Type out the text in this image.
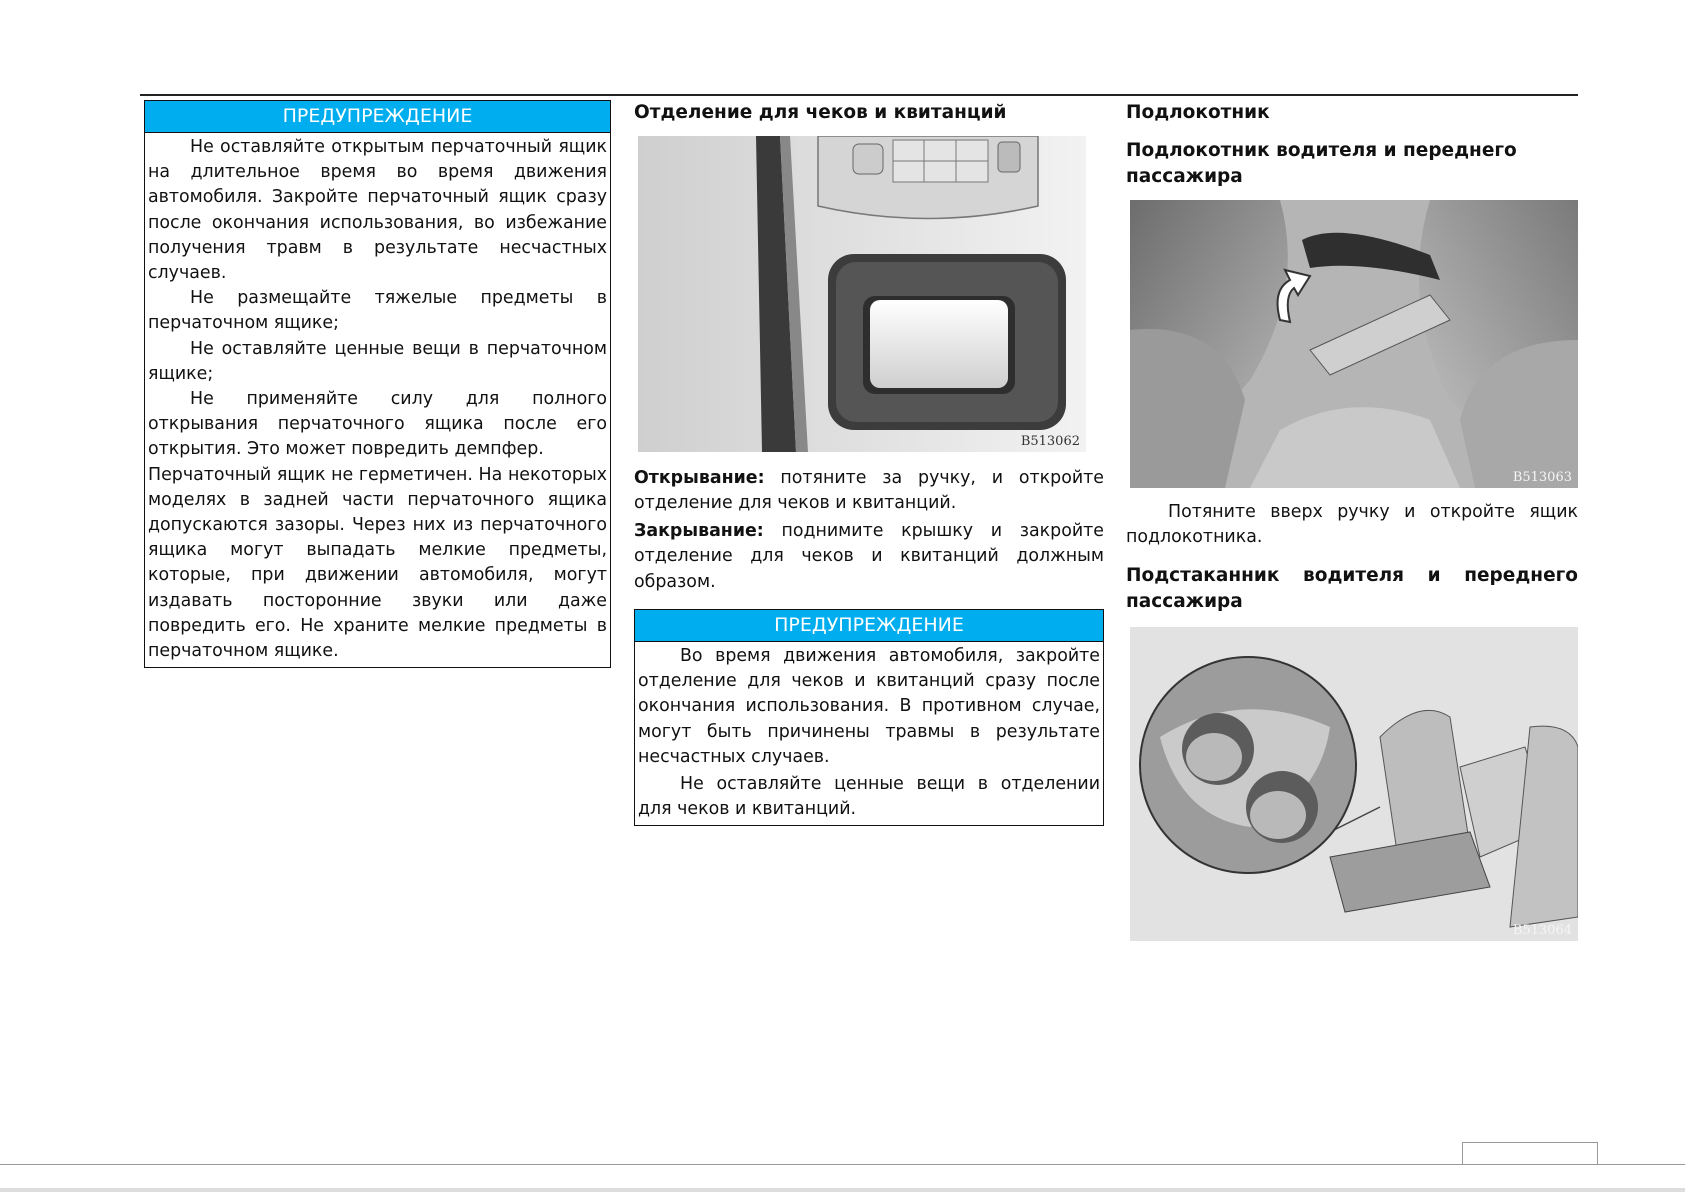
ПРЕДУПРЕЖДЕНИЕ

Не оставляйте открытым перчаточный ящик на длительное время во время движения автомобиля. Закройте перчаточный ящик сразу после окончания использования, во избежание получения травм в результате несчастных случаев.

Не размещайте тяжелые предметы в перчаточном ящике;

Не оставляйте ценные вещи в перчаточном ящике;

Не применяйте силу для полного открывания перчаточного ящика после его открытия. Это может повредить демпфер.

Перчаточный ящик не герметичен. На некоторых моделях в задней части перчаточного ящика допускаются зазоры. Через них из перчаточного ящика могут выпадать мелкие предметы, которые, при движении автомобиля, могут издавать посторонние звуки или даже повредить его. Не храните мелкие предметы в перчаточном ящике.

Отделение для чеков и квитанций

B513062

Открывание: потяните за ручку, и откройте отделение для чеков и квитанций.

Закрывание: поднимите крышку и закройте отделение для чеков и квитанций должным образом.

ПРЕДУПРЕЖДЕНИЕ

Во время движения автомобиля, закройте отделение для чеков и квитанций сразу после окончания использования. В противном случае, могут быть причинены травмы в результате несчастных случаев.

Не оставляйте ценные вещи в отделении для чеков и квитанций.

Подлокотник

Подлокотник водителя и переднего пассажира

B513063

Потяните вверх ручку и откройте ящик подлокотника.

Подстаканник водителя и переднего пассажира

B513064
